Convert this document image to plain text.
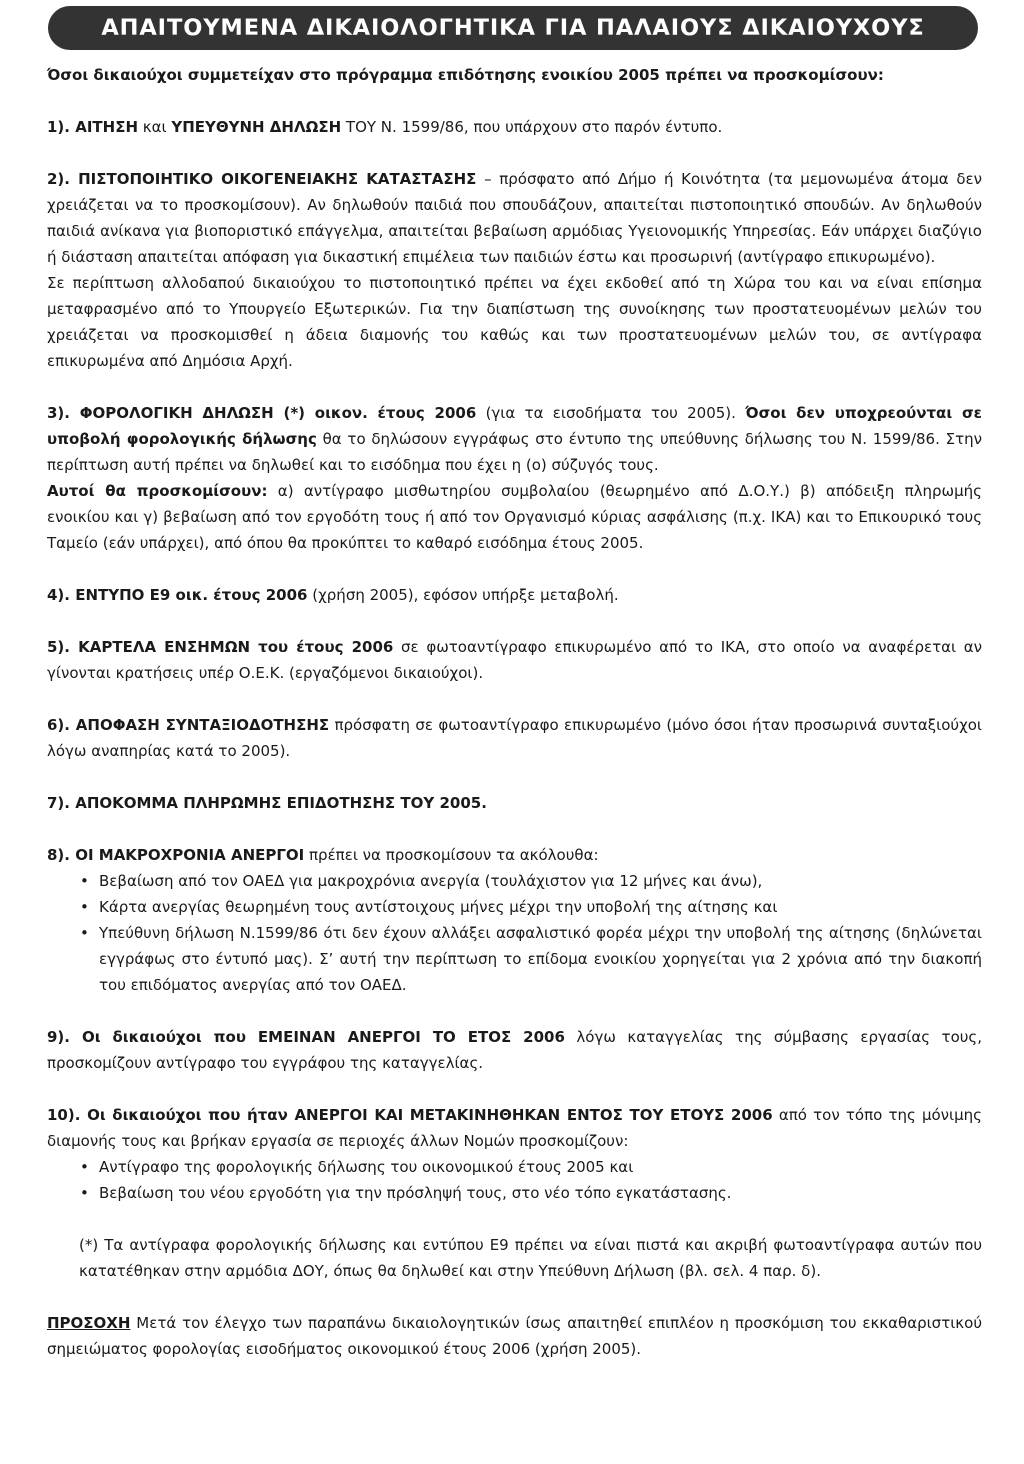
ΑΠΑΙΤΟΥΜΕΝΑ ΔΙΚΑΙΟΛΟΓΗΤΙΚΑ ΓΙΑ ΠΑΛΑΙΟΥΣ ΔΙΚΑΙΟΥΧΟΥΣ

Όσοι δικαιούχοι συμμετείχαν στο πρόγραμμα επιδότησης ενοικίου 2005 πρέπει να προσκομίσουν:

1). ΑΙΤΗΣΗ και ΥΠΕΥΘΥΝΗ ΔΗΛΩΣΗ ΤΟΥ Ν. 1599/86, που υπάρχουν στο παρόν έντυπο.

2). ΠΙΣΤΟΠΟΙΗΤΙΚΟ ΟΙΚΟΓΕΝΕΙΑΚΗΣ ΚΑΤΑΣΤΑΣΗΣ – πρόσφατο από Δήμο ή Κοινότητα (τα μεμονωμένα άτομα δεν χρειάζεται να το προσκομίσουν). Αν δηλωθούν παιδιά που σπουδάζουν, απαιτείται πιστοποιητικό σπουδών. Αν δηλωθούν παιδιά ανίκανα για βιοποριστικό επάγγελμα, απαιτείται βεβαίωση αρμόδιας Υγειονομικής Υπηρεσίας. Εάν υπάρχει διαζύγιο ή διάσταση απαιτείται απόφαση για δικαστική επιμέλεια των παιδιών έστω και προσωρινή (αντίγραφο επικυρωμένο).

Σε περίπτωση αλλοδαπού δικαιούχου το πιστοποιητικό πρέπει να έχει εκδοθεί από τη Χώρα του και να είναι επίσημα μεταφρασμένο από το Υπουργείο Εξωτερικών. Για την διαπίστωση της συνοίκησης των προστατευομένων μελών του χρειάζεται να προσκομισθεί η άδεια διαμονής του καθώς και των προστατευομένων μελών του, σε αντίγραφα επικυρωμένα από Δημόσια Αρχή.

3). ΦΟΡΟΛΟΓΙΚΗ ΔΗΛΩΣΗ (*) οικον. έτους 2006 (για τα εισοδήματα του 2005). Όσοι δεν υποχρεούνται σε υποβολή φορολογικής δήλωσης θα το δηλώσουν εγγράφως στο έντυπο της υπεύθυνης δήλωσης του Ν. 1599/86. Στην περίπτωση αυτή πρέπει να δηλωθεί και το εισόδημα που έχει η (ο) σύζυγός τους.

Αυτοί θα προσκομίσουν: α) αντίγραφο μισθωτηρίου συμβολαίου (θεωρημένο από Δ.Ο.Υ.) β) απόδειξη πληρωμής ενοικίου και γ) βεβαίωση από τον εργοδότη τους ή από τον Οργανισμό κύριας ασφάλισης (π.χ. ΙΚΑ) και το Επικουρικό τους Ταμείο (εάν υπάρχει), από όπου θα προκύπτει το καθαρό εισόδημα έτους 2005.

4). ΕΝΤΥΠΟ Ε9 οικ. έτους 2006 (χρήση 2005), εφόσον υπήρξε μεταβολή.

5). ΚΑΡΤΕΛΑ ΕΝΣΗΜΩΝ του έτους 2006 σε φωτοαντίγραφο επικυρωμένο από το ΙΚΑ, στο οποίο να αναφέρεται αν γίνονται κρατήσεις υπέρ Ο.Ε.Κ. (εργαζόμενοι δικαιούχοι).

6). ΑΠΟΦΑΣΗ ΣΥΝΤΑΞΙΟΔΟΤΗΣΗΣ πρόσφατη σε φωτοαντίγραφο επικυρωμένο (μόνο όσοι ήταν προσωρινά συνταξιούχοι λόγω αναπηρίας κατά το 2005).

7). ΑΠΟΚΟΜΜΑ ΠΛΗΡΩΜΗΣ ΕΠΙΔΟΤΗΣΗΣ ΤΟΥ 2005.

8). ΟΙ ΜΑΚΡΟΧΡΟΝΙΑ ΑΝΕΡΓΟΙ πρέπει να προσκομίσουν τα ακόλουθα:

• Βεβαίωση από τον ΟΑΕΔ για μακροχρόνια ανεργία (τουλάχιστον για 12 μήνες και άνω),
• Κάρτα ανεργίας θεωρημένη τους αντίστοιχους μήνες μέχρι την υποβολή της αίτησης και
• Υπεύθυνη δήλωση Ν.1599/86 ότι δεν έχουν αλλάξει ασφαλιστικό φορέα μέχρι την υποβολή της αίτησης (δηλώνεται εγγράφως στο έντυπό μας). Σ’ αυτή την περίπτωση το επίδομα ενοικίου χορηγείται για 2 χρόνια από την διακοπή του επιδόματος ανεργίας από τον ΟΑΕΔ.

9). Οι δικαιούχοι που ΕΜΕΙΝΑΝ ΑΝΕΡΓΟΙ ΤΟ ΕΤΟΣ 2006 λόγω καταγγελίας της σύμβασης εργασίας τους, προσκομίζουν αντίγραφο του εγγράφου της καταγγελίας.

10). Οι δικαιούχοι που ήταν ΑΝΕΡΓΟΙ ΚΑΙ ΜΕΤΑΚΙΝΗΘΗΚΑΝ ΕΝΤΟΣ ΤΟΥ ΕΤΟΥΣ 2006 από τον τόπο της μόνιμης διαμονής τους και βρήκαν εργασία σε περιοχές άλλων Νομών προσκομίζουν:

• Αντίγραφο της φορολογικής δήλωσης του οικονομικού έτους 2005 και
• Βεβαίωση του νέου εργοδότη για την πρόσληψή τους, στο νέο τόπο εγκατάστασης.

(*) Τα αντίγραφα φορολογικής δήλωσης και εντύπου Ε9 πρέπει να είναι πιστά και ακριβή φωτοαντίγραφα αυτών που κατατέθηκαν στην αρμόδια ΔΟΥ, όπως θα δηλωθεί και στην Υπεύθυνη Δήλωση (βλ. σελ. 4 παρ. δ).

ΠΡΟΣΟΧΗ Μετά τον έλεγχο των παραπάνω δικαιολογητικών ίσως απαιτηθεί επιπλέον η προσκόμιση του εκκαθαριστικού σημειώματος φορολογίας εισοδήματος οικονομικού έτους 2006 (χρήση 2005).
